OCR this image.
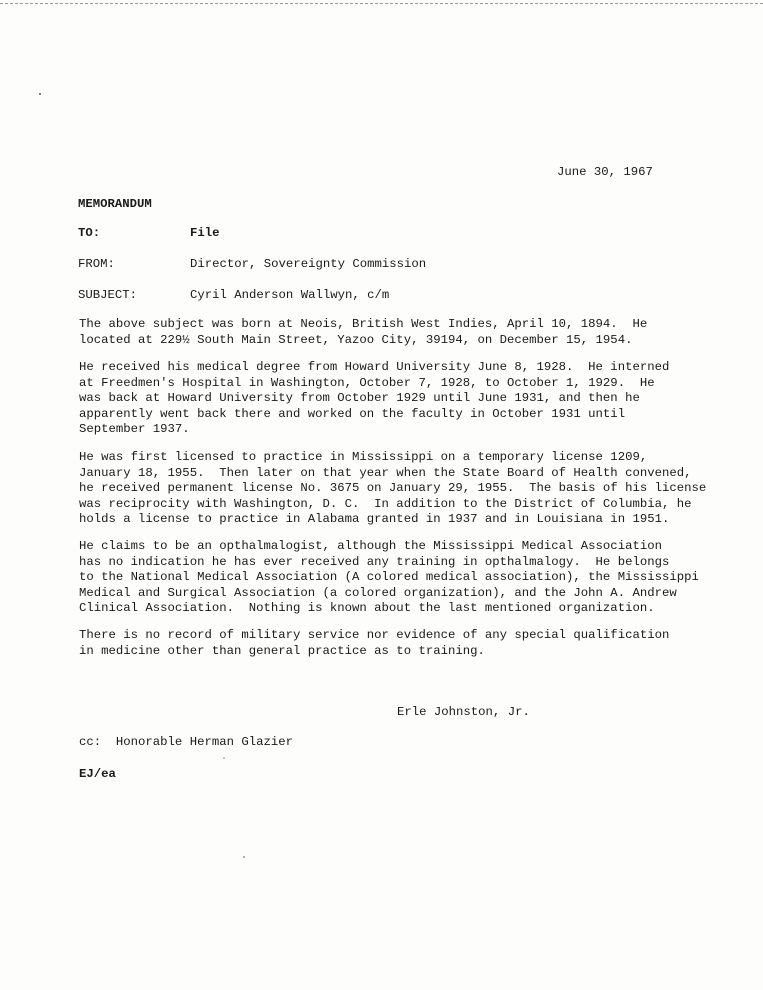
June 30, 1967
MEMORANDUM
TO:	File
FROM:	Director, Sovereignty Commission
SUBJECT:	Cyril Anderson Wallwyn, c/m
The above subject was born at Neois, British West Indies, April 10, 1894.  He
located at 229½ South Main Street, Yazoo City, 39194, on December 15, 1954.
He received his medical degree from Howard University June 8, 1928.  He interned
at Freedmen's Hospital in Washington, October 7, 1928, to October 1, 1929.  He
was back at Howard University from October 1929 until June 1931, and then he
apparently went back there and worked on the faculty in October 1931 until
September 1937.
He was first licensed to practice in Mississippi on a temporary license 1209,
January 18, 1955.  Then later on that year when the State Board of Health convened,
he received permanent license No. 3675 on January 29, 1955.  The basis of his license
was reciprocity with Washington, D. C.  In addition to the District of Columbia, he
holds a license to practice in Alabama granted in 1937 and in Louisiana in 1951.
He claims to be an opthalmalogist, although the Mississippi Medical Association
has no indication he has ever received any training in opthalmalogy.  He belongs
to the National Medical Association (A colored medical association), the Mississippi
Medical and Surgical Association (a colored organization), and the John A. Andrew
Clinical Association.  Nothing is known about the last mentioned organization.
There is no record of military service nor evidence of any special qualification
in medicine other than general practice as to training.
Erle Johnston, Jr.
cc:  Honorable Herman Glazier
EJ/ea
